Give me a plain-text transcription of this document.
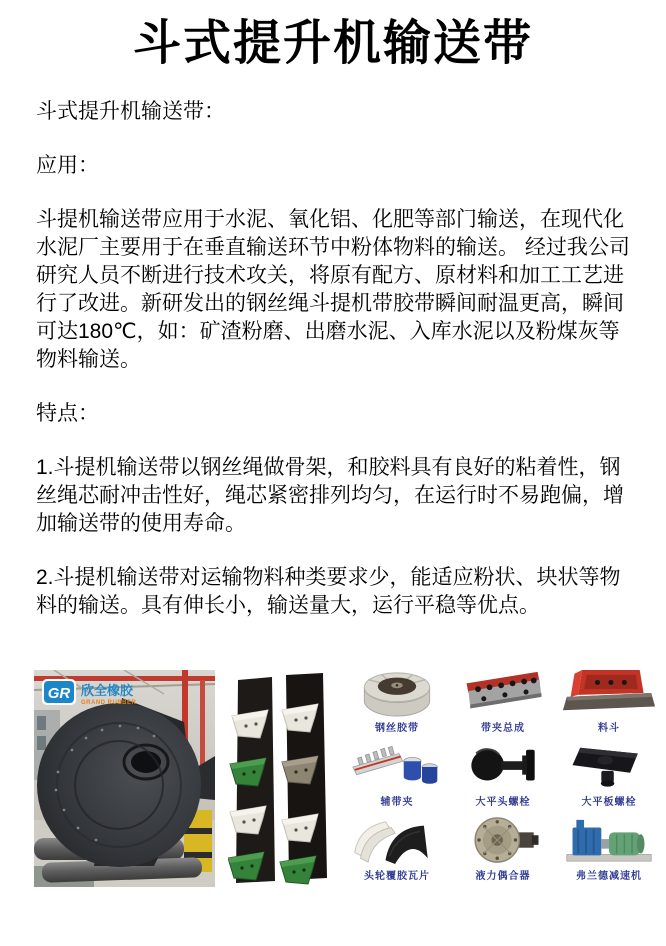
斗式提升机输送带

斗式提升机输送带：

应用：

斗提机输送带应用于水泥、氧化铝、化肥等部门输送，在现代化水泥厂主要用于在垂直输送环节中粉体物料的输送。 经过我公司研究人员不断进行技术攻关，将原有配方、原材料和加工工艺进行了改进。新研发出的钢丝绳斗提机带胶带瞬间耐温更高，瞬间可达180℃，如：矿渣粉磨、出磨水泥、入库水泥以及粉煤灰等物料输送。

特点：

1.斗提机输送带以钢丝绳做骨架，和胶料具有良好的粘着性，钢丝绳芯耐冲击性好，绳芯紧密排列均匀，在运行时不易跑偏，增加输送带的使用寿命。

2.斗提机输送带对运输物料种类要求少，能适应粉状、块状等物料的输送。具有伸长小，输送量大，运行平稳等优点。

GR 欣全橡胶
GRAND RUBBER
钢丝胶带	带夹总成	料斗
辅带夹	大平头螺栓	大平板螺栓
头轮覆胶瓦片	液力偶合器	弗兰德减速机
